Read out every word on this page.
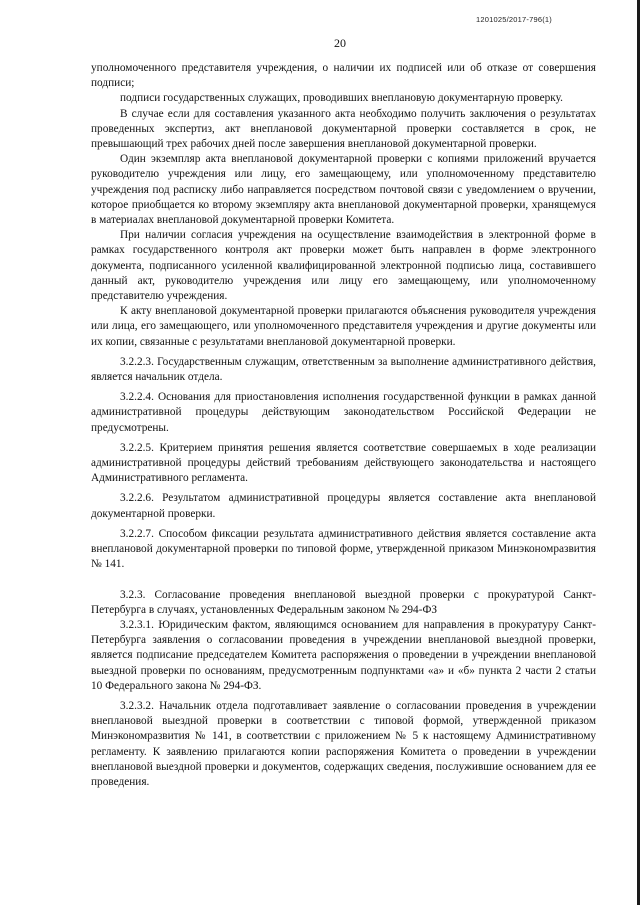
1201025/2017-796(1)
20

уполномоченного представителя учреждения, о наличии их подписей или об отказе от совершения подписи;

подписи государственных служащих, проводивших внеплановую документарную проверку.

В случае если для составления указанного акта необходимо получить заключения о результатах проведенных экспертиз, акт внеплановой документарной проверки составляется в срок, не превышающий трех рабочих дней после завершения внеплановой документарной проверки.

Один экземпляр акта внеплановой документарной проверки с копиями приложений вручается руководителю учреждения или лицу, его замещающему, или уполномоченному представителю учреждения под расписку либо направляется посредством почтовой связи с уведомлением о вручении, которое приобщается ко второму экземпляру акта внеплановой документарной проверки, хранящемуся в материалах внеплановой документарной проверки Комитета.

При наличии согласия учреждения на осуществление взаимодействия в электронной форме в рамках государственного контроля акт проверки может быть направлен в форме электронного документа, подписанного усиленной квалифицированной электронной подписью лица, составившего данный акт, руководителю учреждения или лицу его замещающему, или уполномоченному представителю учреждения.

К акту внеплановой документарной проверки прилагаются объяснения руководителя учреждения или лица, его замещающего, или уполномоченного представителя учреждения и другие документы или их копии, связанные с результатами внеплановой документарной проверки.

3.2.2.3. Государственным служащим, ответственным за выполнение административного действия, является начальник отдела.

3.2.2.4. Основания для приостановления исполнения государственной функции в рамках данной административной процедуры действующим законодательством Российской Федерации не предусмотрены.

3.2.2.5. Критерием принятия решения является соответствие совершаемых в ходе реализации административной процедуры действий требованиям действующего законодательства и настоящего Административного регламента.

3.2.2.6. Результатом административной процедуры является составление акта внеплановой документарной проверки.

3.2.2.7. Способом фиксации результата административного действия является составление акта внеплановой документарной проверки по типовой форме, утвержденной приказом Минэкономразвития № 141.

3.2.3. Согласование проведения внеплановой выездной проверки с прокуратурой Санкт-Петербурга в случаях, установленных Федеральным законом № 294-ФЗ

3.2.3.1. Юридическим фактом, являющимся основанием для направления в прокуратуру Санкт-Петербурга заявления о согласовании проведения в учреждении внеплановой выездной проверки, является подписание председателем Комитета распоряжения о проведении в учреждении внеплановой выездной проверки по основаниям, предусмотренным подпунктами «а» и «б» пункта 2 части 2 статьи 10 Федерального закона № 294-ФЗ.

3.2.3.2. Начальник отдела подготавливает заявление о согласовании проведения в учреждении внеплановой выездной проверки в соответствии с типовой формой, утвержденной приказом Минэкономразвития № 141, в соответствии с приложением № 5 к настоящему Административному регламенту. К заявлению прилагаются копии распоряжения Комитета о проведении в учреждении внеплановой выездной проверки и документов, содержащих сведения, послужившие основанием для ее проведения.
